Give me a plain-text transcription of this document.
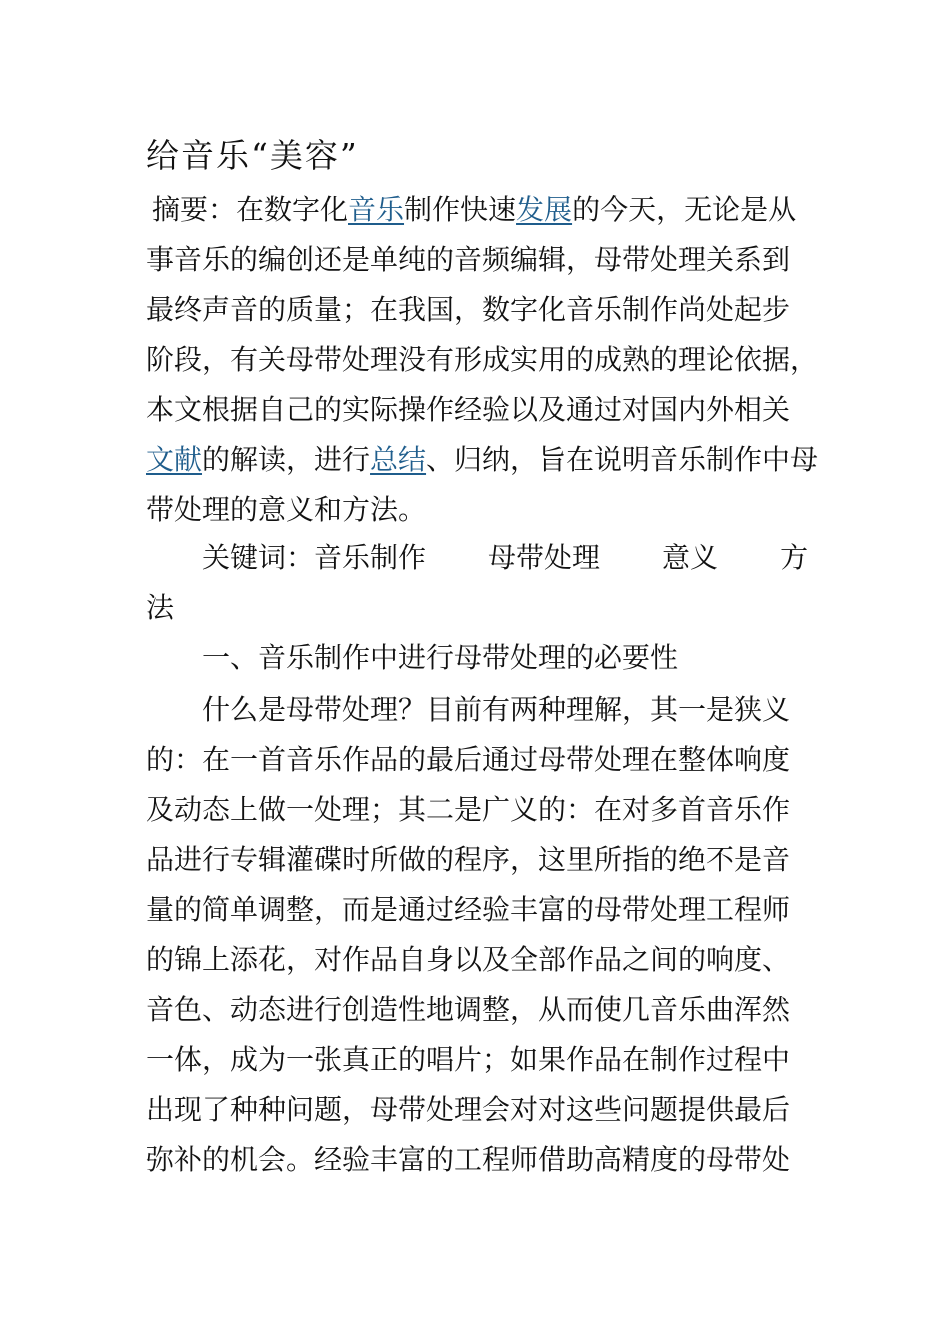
给音乐“美容”
摘要：在数字化音乐制作快速发展的今天，无论是从
事音乐的编创还是单纯的音频编辑，母带处理关系到
最终声音的质量；在我国，数字化音乐制作尚处起步
阶段，有关母带处理没有形成实用的成熟的理论依据，
本文根据自己的实际操作经验以及通过对国内外相关
文献的解读，进行总结、归纳，旨在说明音乐制作中母
带处理的意义和方法。
关键词：音乐制作 母带处理 意义 方
法
一、音乐制作中进行母带处理的必要性
什么是母带处理？目前有两种理解，其一是狭义
的：在一首音乐作品的最后通过母带处理在整体响度
及动态上做一处理；其二是广义的：在对多首音乐作
品进行专辑灌碟时所做的程序，这里所指的绝不是音
量的简单调整，而是通过经验丰富的母带处理工程师
的锦上添花，对作品自身以及全部作品之间的响度、
音色、动态进行创造性地调整，从而使几音乐曲浑然
一体，成为一张真正的唱片；如果作品在制作过程中
出现了种种问题，母带处理会对对这些问题提供最后
弥补的机会。经验丰富的工程师借助高精度的母带处
